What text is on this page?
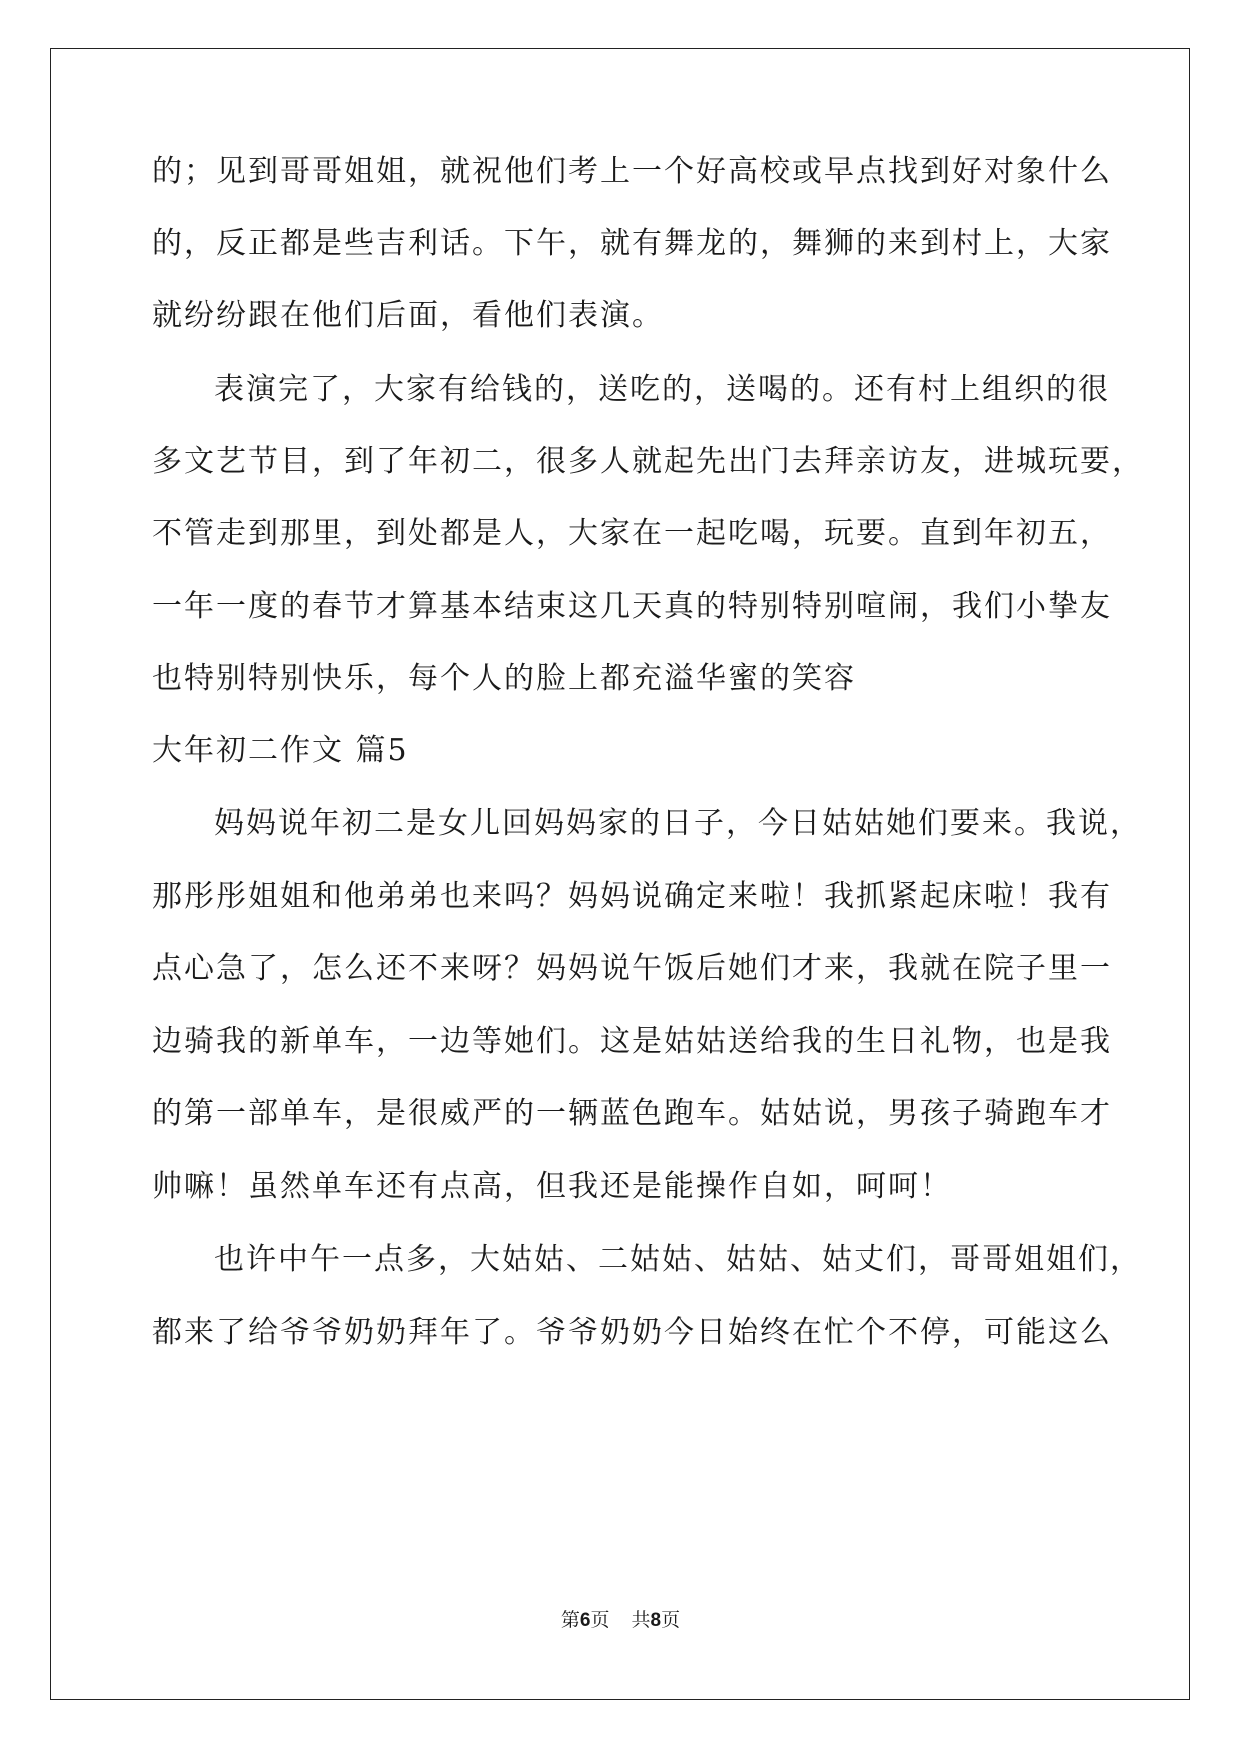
的；见到哥哥姐姐，就祝他们考上一个好高校或早点找到好对象什么
的，反正都是些吉利话。下午，就有舞龙的，舞狮的来到村上，大家
就纷纷跟在他们后面，看他们表演。
表演完了，大家有给钱的，送吃的，送喝的。还有村上组织的很
多文艺节目，到了年初二，很多人就起先出门去拜亲访友，进城玩要，
不管走到那里，到处都是人，大家在一起吃喝，玩要。直到年初五，
一年一度的春节才算基本结束这几天真的特别特别喧闹，我们小挚友
也特别特别快乐，每个人的脸上都充溢华蜜的笑容
大年初二作文 篇5
妈妈说年初二是女儿回妈妈家的日子，今日姑姑她们要来。我说，
那彤彤姐姐和他弟弟也来吗？妈妈说确定来啦！我抓紧起床啦！我有
点心急了，怎么还不来呀？妈妈说午饭后她们才来，我就在院子里一
边骑我的新单车，一边等她们。这是姑姑送给我的生日礼物，也是我
的第一部单车，是很威严的一辆蓝色跑车。姑姑说，男孩子骑跑车才
帅嘛！虽然单车还有点高，但我还是能操作自如，呵呵！
也许中午一点多，大姑姑、二姑姑、姑姑、姑丈们，哥哥姐姐们，
都来了给爷爷奶奶拜年了。爷爷奶奶今日始终在忙个不停，可能这么
第6页 共8页
